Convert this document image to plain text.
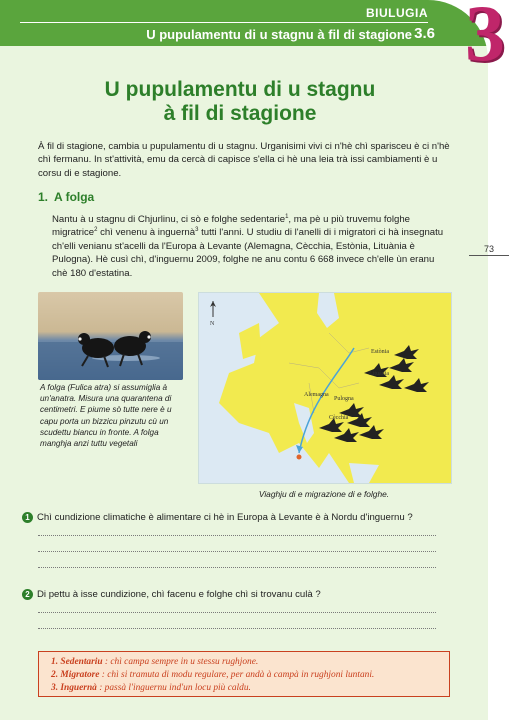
BIULUGIA
U pupulamentu di u stagnu à fil di stagione 3.6
U pupulamentu di u stagnu
à fil di stagione
À fil di stagione, cambia u pupulamentu di u stagnu. Urganisimi vivi ci n'hè chì sparisceu è ci n'hè chì fermanu. In st'attività, emu da cercà di capisce s'ella ci hè una leia trà issi cambiamenti è u corsu di e stagione.
1. A folga
Nantu à u stagnu di Chjurlinu, ci sò e folghe sedentarie$^1$, ma pè u più truvemu folghe migratrice$^2$ chì venenu à inguernà$^3$ tutti l'anni. U studiu di l'anelli di i migratori ci hà insegnatu ch'elli venianu st'acelli da l'Europa à Levante (Alemagna, Cècchia, Estònia, Lituània è Pulogna). Hè cusì chì, d'inguernu 2009, folghe ne anu contu 6 668 invece ch'elle ùn eranu chè 180 d'estatina.
A folga (Fulica atra) si assumiglia à un'anatra. Misura una quarantena di centimetri. E piume sò tutte nere è u capu porta un bizzicu pinzutu cù un scudettu biancu in fronte. A folga manghja anzi tuttu vegetali
N
Estònia
Lituània
Alemagna
Pulogna
Cècchia
Viaghju di e migrazione di e folghe.
1 Chì cundizione climatiche è alimentare ci hè in Europa à Levante è à Nordu d'inguernu ?
2 Di pettu à isse cundizione, chì facenu e folghe chì si trovanu culà ?
1. Sedentariu : chì campa sempre in u stessu rughjone.
2. Migratore : chì si tramuta di modu regulare, per andà à campà in rughjoni luntani.
3. Inguernà : passà l'inguernu ind'un locu più caldu.
3
73
